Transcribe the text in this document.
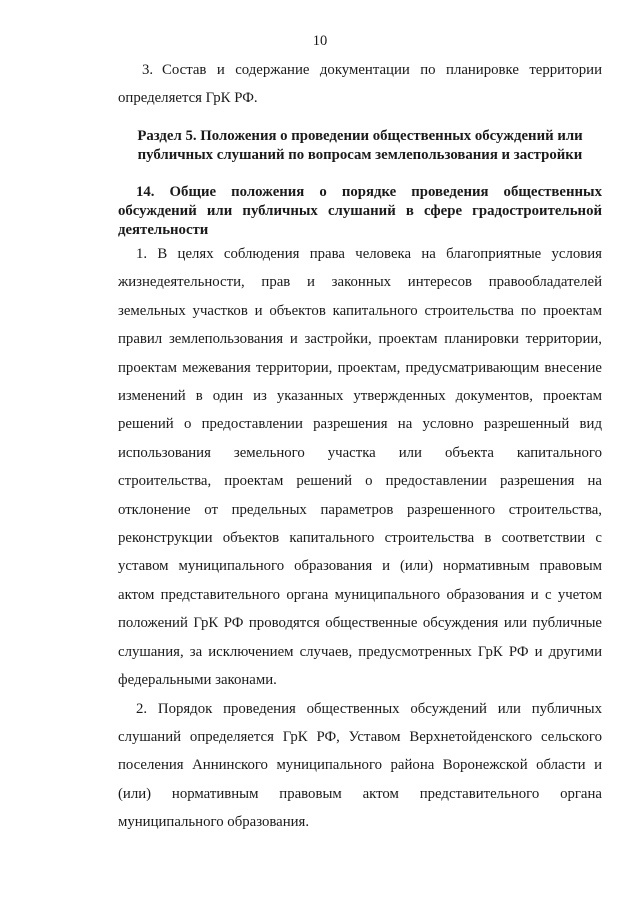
10

3. Состав и содержание документации по планировке территории определяется ГрК РФ.

Раздел 5. Положения о проведении общественных обсуждений или публичных слушаний по вопросам землепользования и застройки
14. Общие положения о порядке проведения общественных обсуждений или публичных слушаний в сфере градостроительной деятельности

1. В целях соблюдения права человека на благоприятные условия жизнедеятельности, прав и законных интересов правообладателей земельных участков и объектов капитального строительства по проектам правил землепользования и застройки, проектам планировки территории, проектам межевания территории, проектам, предусматривающим внесение изменений в один из указанных утвержденных документов, проектам решений о предоставлении разрешения на условно разрешенный вид использования земельного участка или объекта капитального строительства, проектам решений о предоставлении разрешения на отклонение от предельных параметров разрешенного строительства, реконструкции объектов капитального строительства в соответствии с уставом муниципального образования и (или) нормативным правовым актом представительного органа муниципального образования и с учетом положений ГрК РФ проводятся общественные обсуждения или публичные слушания, за исключением случаев, предусмотренных ГрК РФ и другими федеральными законами.

2. Порядок проведения общественных обсуждений или публичных слушаний определяется ГрК РФ, Уставом Верхнетойденского сельского поселения Аннинского муниципального района Воронежской области и (или) нормативным правовым актом представительного органа муниципального образования.
